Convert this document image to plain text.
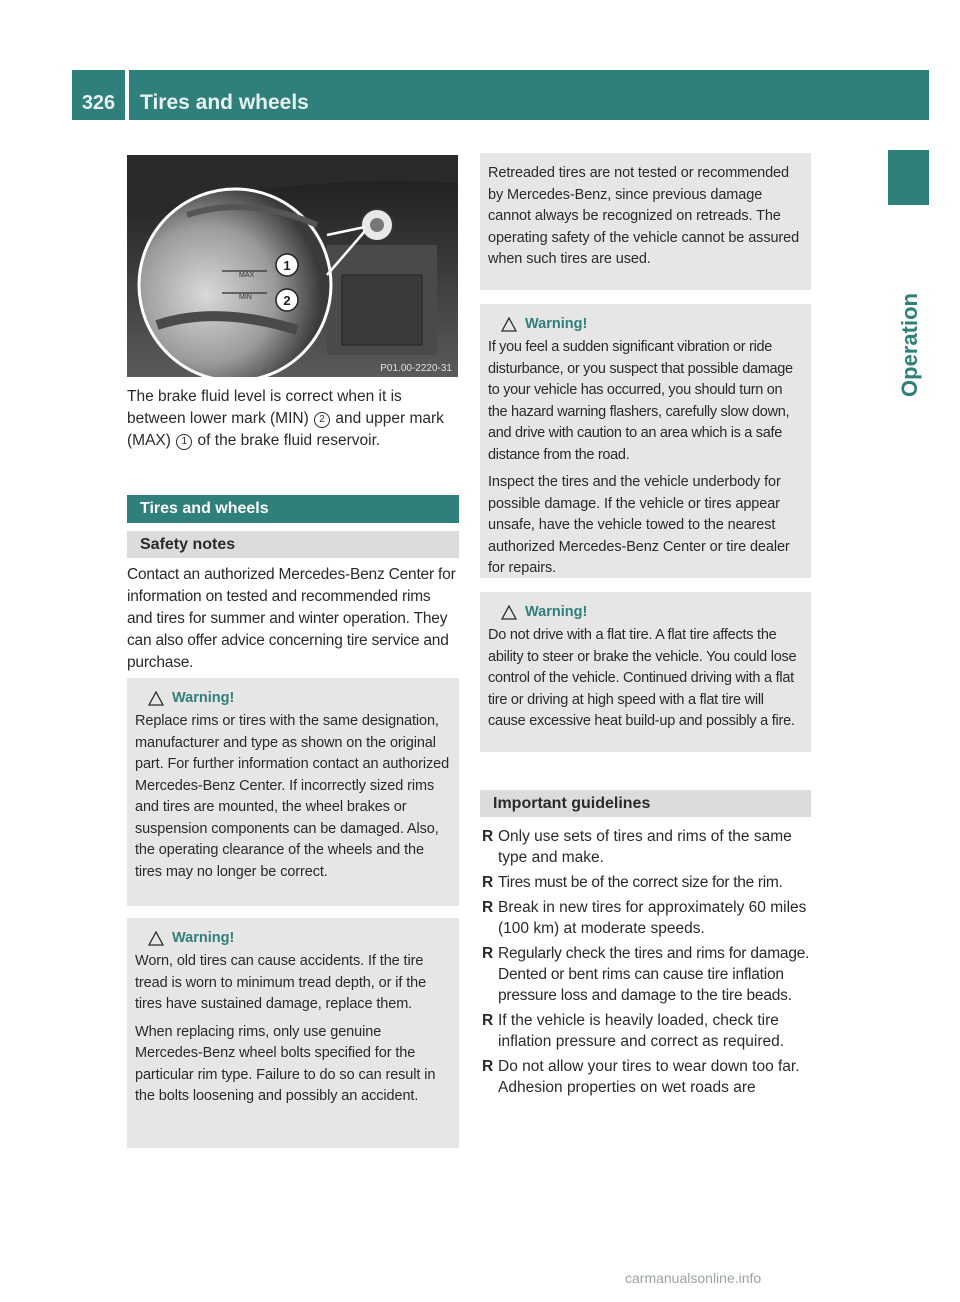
326	Tires and wheels
Operation
MAX
MIN
1
2
P01.00-2220-31

The brake fluid level is correct when it is between lower mark (MIN) 2 and upper mark (MAX) 1 of the brake fluid reservoir.

Tires and wheels
Safety notes

Contact an authorized Mercedes-Benz Center for information on tested and recommended rims and tires for summer and winter operation. They can also offer advice concerning tire service and purchase.

Warning!

Replace rims or tires with the same designation, manufacturer and type as shown on the original part. For further information contact an authorized Mercedes-Benz Center. If incorrectly sized rims and tires are mounted, the wheel brakes or suspension components can be damaged. Also, the operating clearance of the wheels and the tires may no longer be correct.

Warning!

Worn, old tires can cause accidents. If the tire tread is worn to minimum tread depth, or if the tires have sustained damage, replace them.

When replacing rims, only use genuine Mercedes-Benz wheel bolts specified for the particular rim type. Failure to do so can result in the bolts loosening and possibly an accident.

Retreaded tires are not tested or recommended by Mercedes-Benz, since previous damage cannot always be recognized on retreads. The operating safety of the vehicle cannot be assured when such tires are used.

Warning!

If you feel a sudden significant vibration or ride disturbance, or you suspect that possible damage to your vehicle has occurred, you should turn on the hazard warning flashers, carefully slow down, and drive with caution to an area which is a safe distance from the road.

Inspect the tires and the vehicle underbody for possible damage. If the vehicle or tires appear unsafe, have the vehicle towed to the nearest authorized Mercedes-Benz Center or tire dealer for repairs.

Warning!

Do not drive with a flat tire. A flat tire affects the ability to steer or brake the vehicle. You could lose control of the vehicle. Continued driving with a flat tire or driving at high speed with a flat tire will cause excessive heat build-up and possibly a fire.

Important guidelines
R Only use sets of tires and rims of the same type and make.
R Tires must be of the correct size for the rim.
R Break in new tires for approximately 60 miles (100 km) at moderate speeds.
R Regularly check the tires and rims for damage. Dented or bent rims can cause tire inflation pressure loss and damage to the tire beads.
R If the vehicle is heavily loaded, check tire inflation pressure and correct as required.
R Do not allow your tires to wear down too far. Adhesion properties on wet roads are
carmanualsonline.info
